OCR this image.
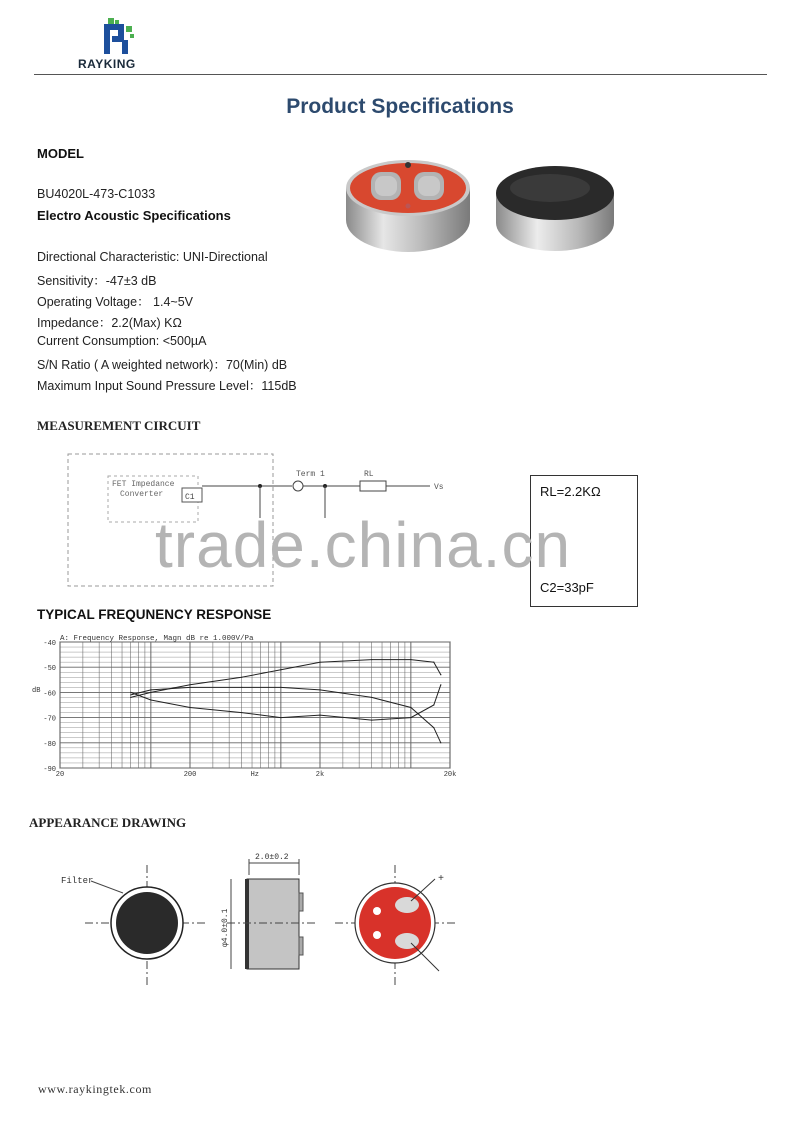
RAYKING
Product Specifications
MODEL
BU4020L-473-C1033
Electro Acoustic Specifications
Directional Characteristic: UNI-Directional
Sensitivity：-47±3 dB
Operating Voltage： 1.4~5V
Impedance：2.2(Max) KΩ
Current Consumption: <500µA
S/N Ratio ( A weighted network)：70(Min) dB
Maximum Input Sound Pressure Level：115dB
MEASUREMENT CIRCUIT
FET Impedance
Converter	C1
Term 1	RL
Vs	RL=2.2KΩ
C2=33pF
trade.china.cn
TYPICAL FREQUNENCY RESPONSE
A: Frequency Response, Magn dB re 1.000V/Pa
dB
-40
-50
-60
-70
-80
-90
20	200	Hz	2k	20k
APPEARANCE DRAWING
Filter
2.0±0.2
φ4.0±0.1
+
www.raykingtek.com
